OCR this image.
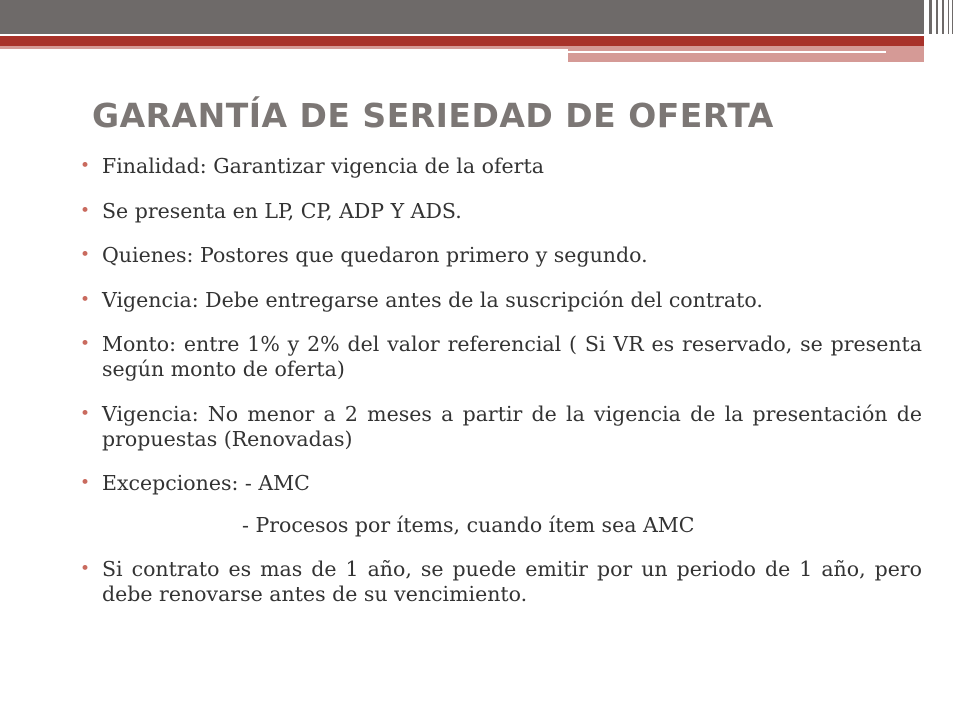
GARANTÍA DE SERIEDAD DE OFERTA
• Finalidad: Garantizar vigencia de la oferta
• Se presenta en LP, CP, ADP Y ADS.
• Quienes: Postores que quedaron primero y segundo.
• Vigencia: Debe entregarse antes de la suscripción del contrato.
• Monto: entre 1% y 2% del valor referencial ( Si VR es reservado, se presenta según monto de oferta)
• Vigencia: No menor a 2 meses a partir de la vigencia de la presentación de propuestas (Renovadas)
• Excepciones: - AMC
- Procesos por ítems, cuando ítem sea AMC
• Si contrato es mas de 1 año, se puede emitir por un periodo de 1 año, pero debe renovarse antes de su vencimiento.
